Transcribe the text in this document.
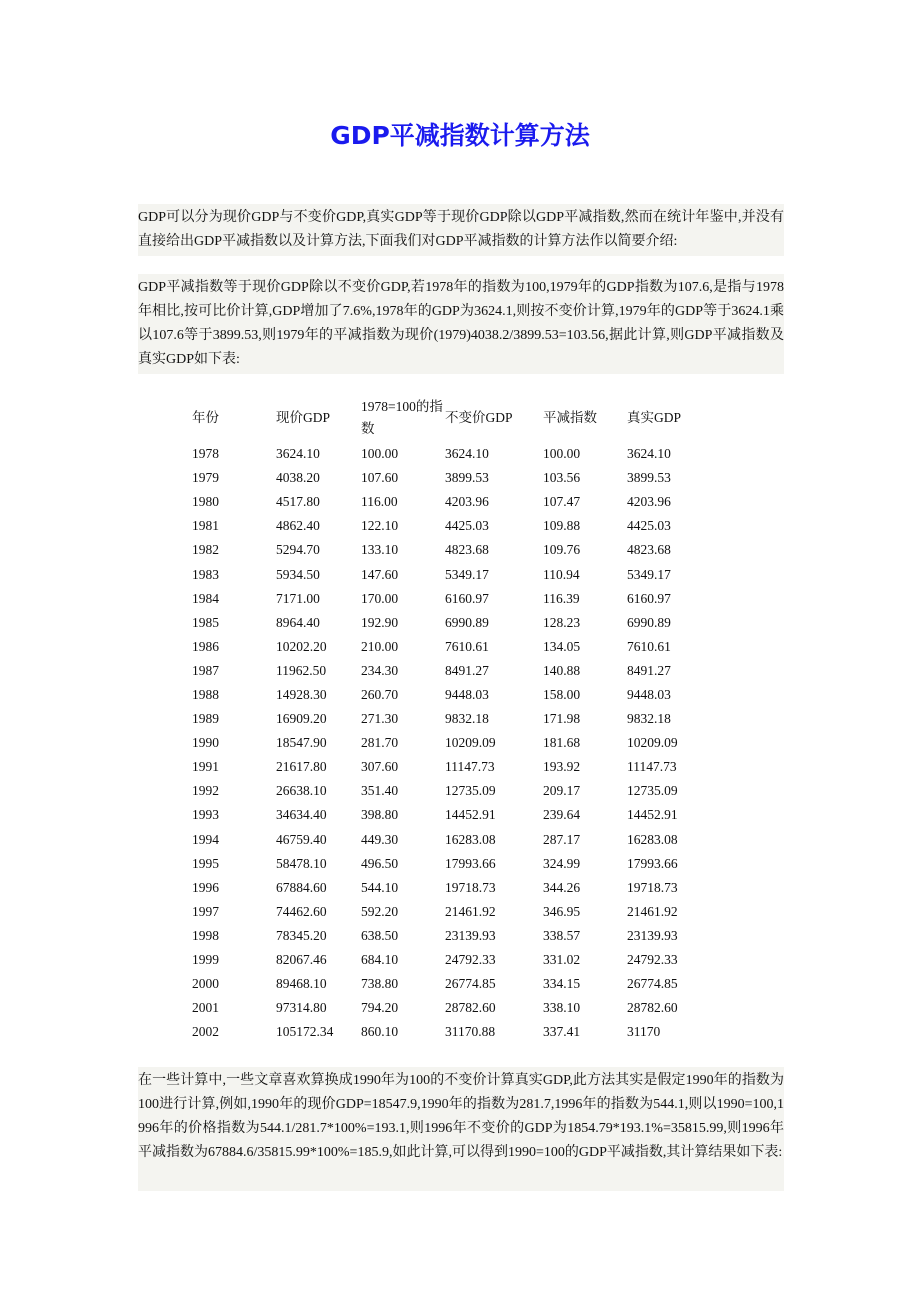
GDP平减指数计算方法
GDP可以分为现价GDP与不变价GDP,真实GDP等于现价GDP除以GDP平减指数,然而在统计年鉴中,并没有直接给出GDP平减指数以及计算方法,下面我们对GDP平减指数的计算方法作以简要介绍:
GDP平减指数等于现价GDP除以不变价GDP,若1978年的指数为100,1979年的GDP指数为107.6,是指与1978年相比,按可比价计算,GDP增加了7.6%,1978年的GDP为3624.1,则按不变价计算,1979年的GDP等于3624.1乘以107.6等于3899.53,则1979年的平减指数为现价(1979)4038.2/3899.53=103.56,据此计算,则GDP平减指数及真实GDP如下表:
年份	现价GDP	1978=100的指数	不变价GDP	平减指数	真实GDP
1978	3624.10	100.00	3624.10	100.00	3624.10
1979	4038.20	107.60	3899.53	103.56	3899.53
1980	4517.80	116.00	4203.96	107.47	4203.96
1981	4862.40	122.10	4425.03	109.88	4425.03
1982	5294.70	133.10	4823.68	109.76	4823.68
1983	5934.50	147.60	5349.17	110.94	5349.17
1984	7171.00	170.00	6160.97	116.39	6160.97
1985	8964.40	192.90	6990.89	128.23	6990.89
1986	10202.20	210.00	7610.61	134.05	7610.61
1987	11962.50	234.30	8491.27	140.88	8491.27
1988	14928.30	260.70	9448.03	158.00	9448.03
1989	16909.20	271.30	9832.18	171.98	9832.18
1990	18547.90	281.70	10209.09	181.68	10209.09
1991	21617.80	307.60	11147.73	193.92	11147.73
1992	26638.10	351.40	12735.09	209.17	12735.09
1993	34634.40	398.80	14452.91	239.64	14452.91
1994	46759.40	449.30	16283.08	287.17	16283.08
1995	58478.10	496.50	17993.66	324.99	17993.66
1996	67884.60	544.10	19718.73	344.26	19718.73
1997	74462.60	592.20	21461.92	346.95	21461.92
1998	78345.20	638.50	23139.93	338.57	23139.93
1999	82067.46	684.10	24792.33	331.02	24792.33
2000	89468.10	738.80	26774.85	334.15	26774.85
2001	97314.80	794.20	28782.60	338.10	28782.60
2002	105172.34	860.10	31170.88	337.41	31170
在一些计算中,一些文章喜欢算换成1990年为100的不变价计算真实GDP,此方法其实是假定1990年的指数为100进行计算,例如,1990年的现价GDP=18547.9,1990年的指数为281.7,1996年的指数为544.1,则以1990=100,1996年的价格指数为544.1/281.7*100%=193.1,则1996年不变价的GDP为1854.79*193.1%=35815.99,则1996年平减指数为67884.6/35815.99*100%=185.9,如此计算,可以得到1990=100的GDP平减指数,其计算结果如下表:
